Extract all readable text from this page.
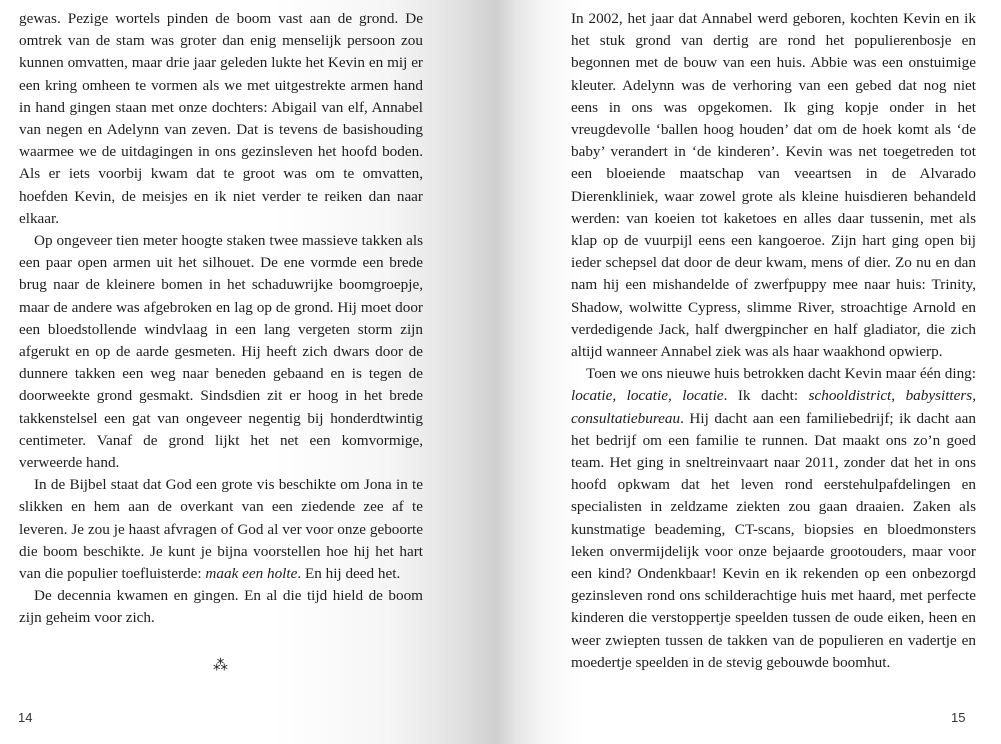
gewas. Pezige wortels pinden de boom vast aan de grond. De omtrek van de stam was groter dan enig menselijk persoon zou kunnen omvatten, maar drie jaar geleden lukte het Kevin en mij er een kring omheen te vormen als we met uitgestrekte armen hand in hand gingen staan met onze dochters: Abigail van elf, Annabel van negen en Adelynn van zeven. Dat is tevens de basishouding waarmee we de uitdagingen in ons gezinsleven het hoofd boden. Als er iets voorbij kwam dat te groot was om te omvatten, hoefden Kevin, de meisjes en ik niet verder te reiken dan naar elkaar.

Op ongeveer tien meter hoogte staken twee massieve takken als een paar open armen uit het silhouet. De ene vormde een brede brug naar de kleinere bomen in het schaduwrijke boomgroepje, maar de andere was afgebroken en lag op de grond. Hij moet door een bloedstollende windvlaag in een lang vergeten storm zijn afgerukt en op de aarde gesmeten. Hij heeft zich dwars door de dunnere takken een weg naar beneden gebaand en is tegen de doorweekte grond gesmakt. Sindsdien zit er hoog in het brede takkenstelsel een gat van ongeveer negentig bij honderdtwintig centimeter. Vanaf de grond lijkt het net een komvormige, verweerde hand.

In de Bijbel staat dat God een grote vis beschikte om Jona in te slikken en hem aan de overkant van een ziedende zee af te leveren. Je zou je haast afvragen of God al ver voor onze geboorte die boom beschikte. Je kunt je bijna voorstellen hoe hij het hart van die populier toefluisterde: maak een holte. En hij deed het.

De decennia kwamen en gingen. En al die tijd hield de boom zijn geheim voor zich.

⁂
14

In 2002, het jaar dat Annabel werd geboren, kochten Kevin en ik het stuk grond van dertig are rond het populierenbosje en begonnen met de bouw van een huis. Abbie was een onstuimige kleuter. Adelynn was de verhoring van een gebed dat nog niet eens in ons was opgekomen. Ik ging kopje onder in het vreugdevolle ‘ballen hoog houden’ dat om de hoek komt als ‘de baby’ verandert in ‘de kinderen’. Kevin was net toegetreden tot een bloeiende maatschap van veeartsen in de Alvarado Dierenkliniek, waar zowel grote als kleine huisdieren behandeld werden: van koeien tot kaketoes en alles daar tussenin, met als klap op de vuurpijl eens een kangoeroe. Zijn hart ging open bij ieder schepsel dat door de deur kwam, mens of dier. Zo nu en dan nam hij een mishandelde of zwerfpuppy mee naar huis: Trinity, Shadow, wolwitte Cypress, slimme River, stroachtige Arnold en verdedigende Jack, half dwergpincher en half gladiator, die zich altijd wanneer Annabel ziek was als haar waakhond opwierp.

Toen we ons nieuwe huis betrokken dacht Kevin maar één ding: locatie, locatie, locatie. Ik dacht: schooldistrict, babysitters, consultatiebureau. Hij dacht aan een familiebedrijf; ik dacht aan het bedrijf om een familie te runnen. Dat maakt ons zo’n goed team. Het ging in sneltreinvaart naar 2011, zonder dat het in ons hoofd opkwam dat het leven rond eerstehulpafdelingen en specialisten in zeldzame ziekten zou gaan draaien. Zaken als kunstmatige beademing, CT-scans, biopsies en bloedmonsters leken onvermijdelijk voor onze bejaarde grootouders, maar voor een kind? Ondenkbaar! Kevin en ik rekenden op een onbezorgd gezinsleven rond ons schilderachtige huis met haard, met perfecte kinderen die verstoppertje speelden tussen de oude eiken, heen en weer zwiepten tussen de takken van de populieren en vadertje en moedertje speelden in de stevig gebouwde boomhut.

15
